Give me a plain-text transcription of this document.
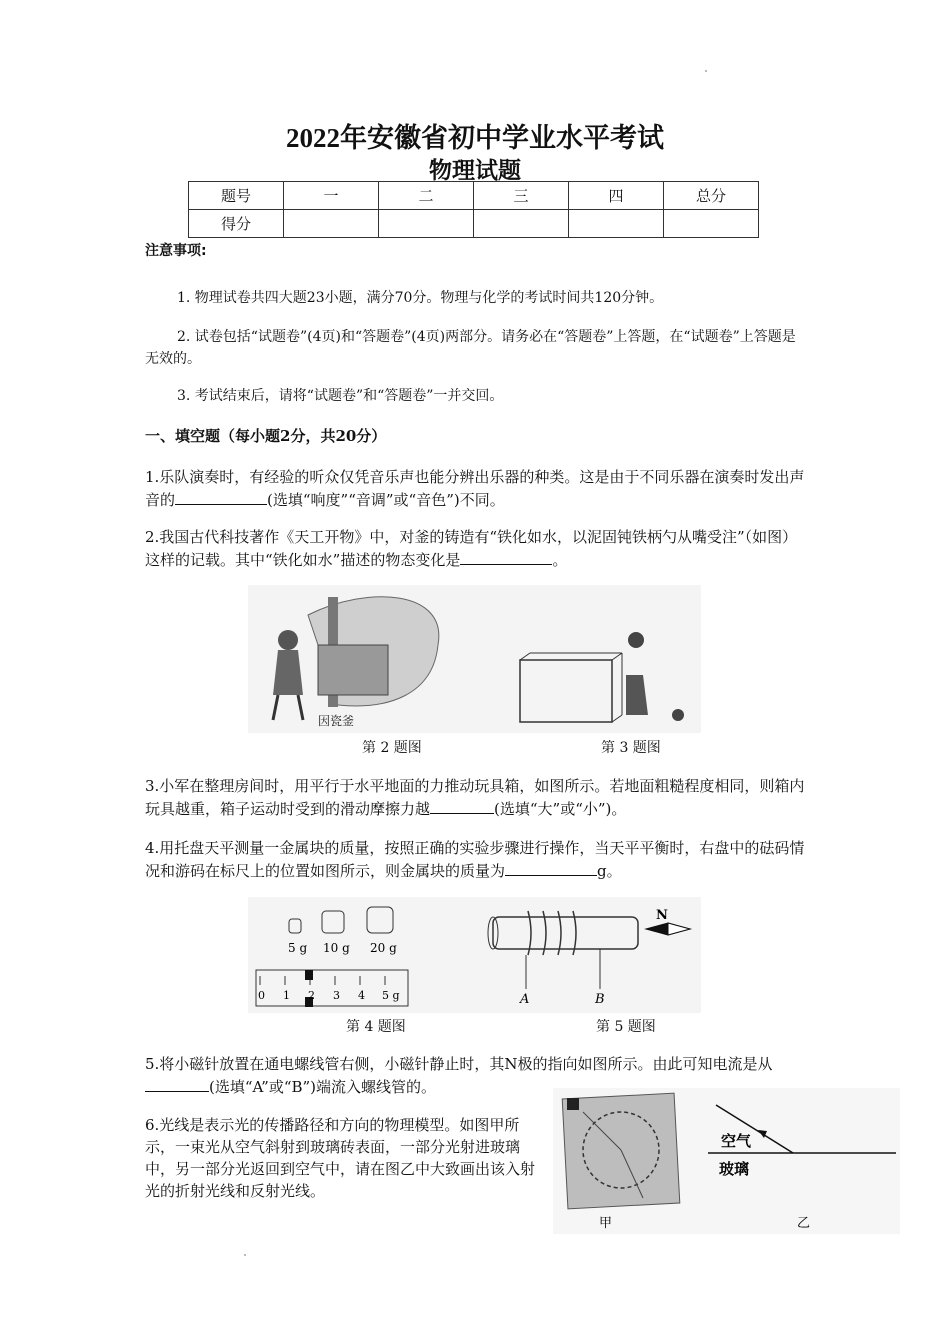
2022年安徽省初中学业水平考试
物理试题
题号	一	二	三	四	总分
得分					
注意事项:
1. 物理试卷共四大题23小题，满分70分。物理与化学的考试时间共120分钟。
2. 试卷包括“试题卷”(4页)和“答题卷”(4页)两部分。请务必在“答题卷”上答题，在“试题卷”上答题是无效的。
3. 考试结束后，请将“试题卷”和“答题卷”一并交回。
一、填空题（每小题2分，共20分）
1.乐队演奏时，有经验的听众仅凭音乐声也能分辨出乐器的种类。这是由于不同乐器在演奏时发出声音的	(选填“响度”“音调”或“音色”)不同。
2.我国古代科技著作《天工开物》中，对釜的铸造有“铁化如水，以泥固钝铁柄勺从嘴受注”（如图）这样的记载。其中“铁化如水”描述的物态变化是	。
因瓷釜
第 2 题图	第 3 题图
3.小军在整理房间时，用平行于水平地面的力推动玩具箱，如图所示。若地面粗糙程度相同，则箱内玩具越重，箱子运动时受到的滑动摩擦力越	(选填“大”或“小”)。
4.用托盘天平测量一金属块的质量，按照正确的实验步骤进行操作，当天平平衡时，右盘中的砝码情况和游码在标尺上的位置如图所示，则金属块的质量为	g。
5 g 10 g 20 g
0 1 2 3 4 5 g	A	B
N
第 4 题图	第 5 题图
5.将小磁针放置在通电螺线管右侧，小磁针静止时，其N极的指向如图所示。由此可知电流是从(选填“A”或“B”)端流入螺线管的。
6.光线是表示光的传播路径和方向的物理模型。如图甲所示，一束光从空气斜射到玻璃砖表面，一部分光射进玻璃中，另一部分光返回到空气中，请在图乙中大致画出该入射光的折射光线和反射光线。
甲
空气
玻璃
乙
